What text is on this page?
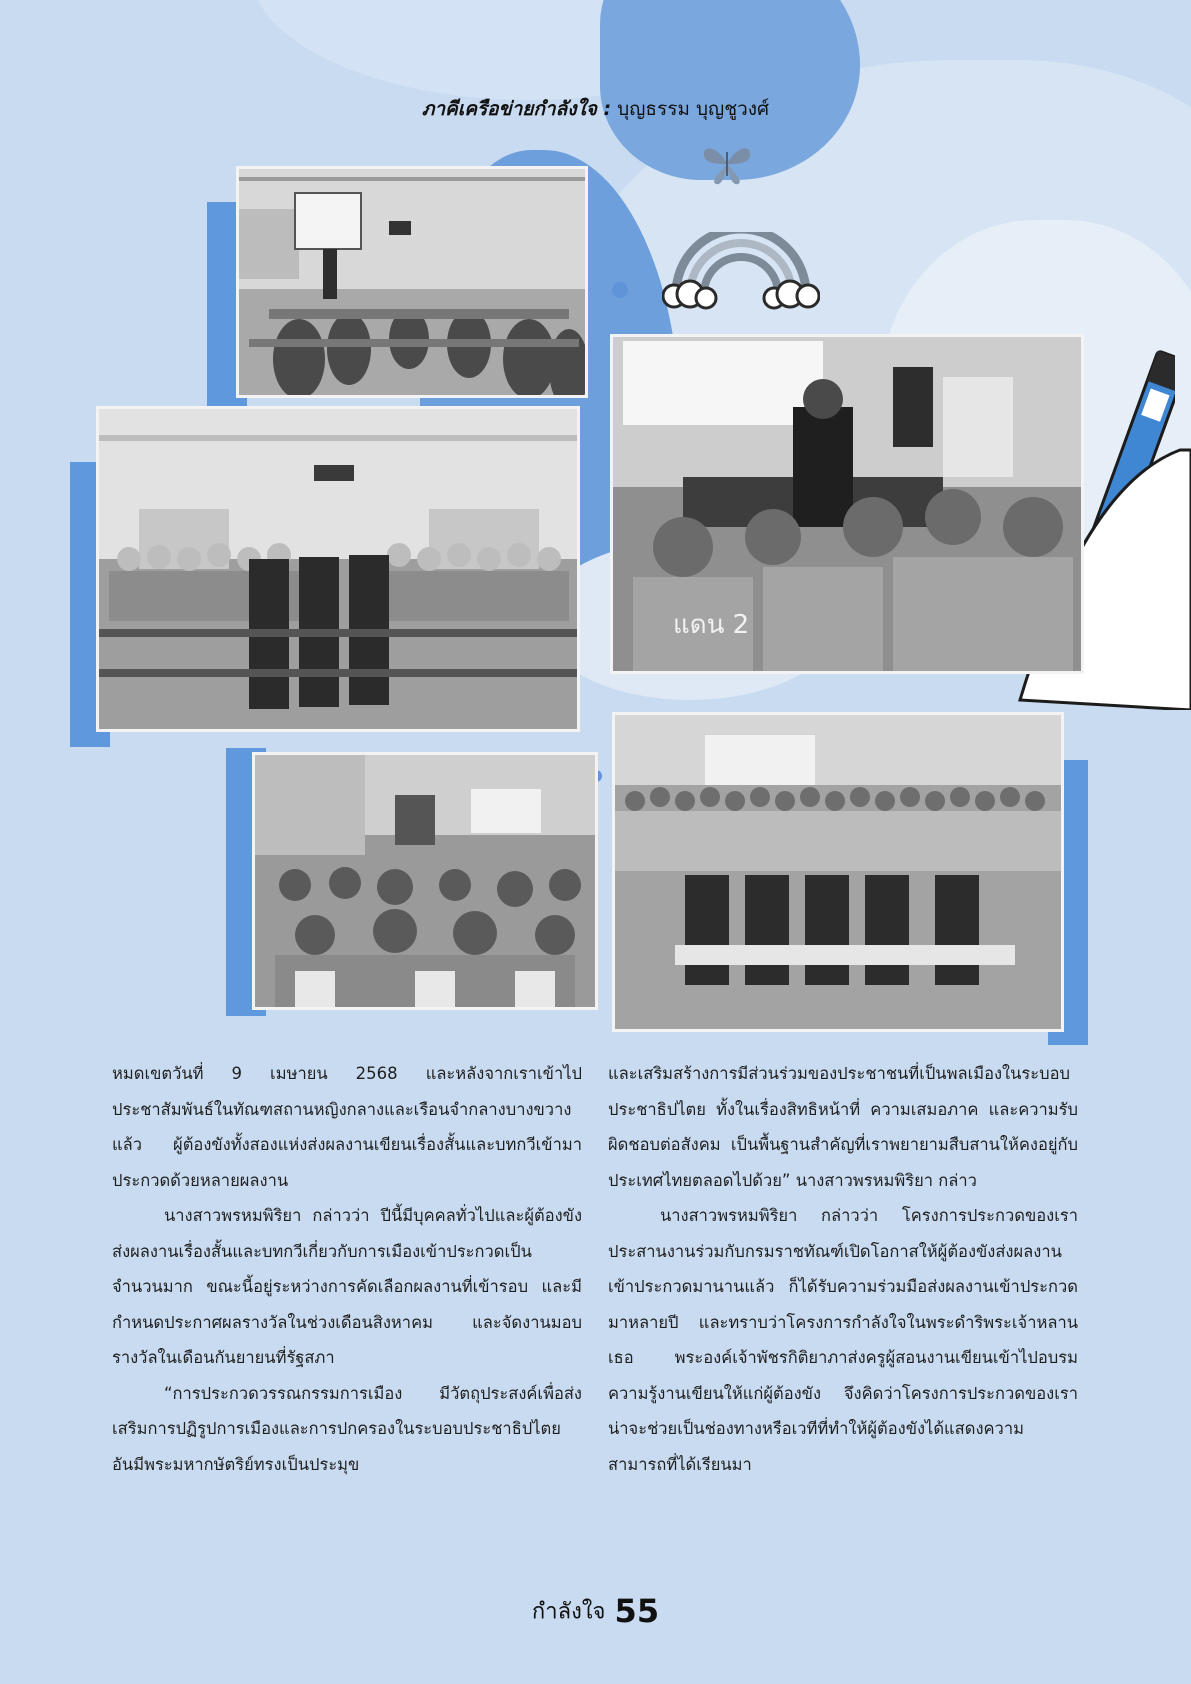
ภาคีเครือข่ายกำลังใจ : บุญธรรม บุญชูวงศ์
แดน 2

หมดเขตวันที่ 9 เมษายน 2568 และหลังจากเราเข้าไปประชาสัมพันธ์ในทัณฑสถานหญิงกลางและเรือนจำกลางบางขวางแล้ว ผู้ต้องขังทั้งสองแห่งส่งผลงานเขียนเรื่องสั้นและบทกวีเข้ามาประกวดด้วยหลายผลงาน

นางสาวพรหมพิริยา กล่าวว่า ปีนี้มีบุคคลทั่วไปและผู้ต้องขังส่งผลงานเรื่องสั้นและบทกวีเกี่ยวกับการเมืองเข้าประกวดเป็นจำนวนมาก ขณะนี้อยู่ระหว่างการคัดเลือกผลงานที่เข้ารอบ และมีกำหนดประกาศผลรางวัลในช่วงเดือนสิงหาคม และจัดงานมอบรางวัลในเดือนกันยายนที่รัฐสภา

“การประกวดวรรณกรรมการเมือง มีวัตถุประสงค์เพื่อส่งเสริมการปฏิรูปการเมืองและการปกครองในระบอบประชาธิปไตยอันมีพระมหากษัตริย์ทรงเป็นประมุข

และเสริมสร้างการมีส่วนร่วมของประชาชนที่เป็นพลเมืองในระบอบประชาธิปไตย ทั้งในเรื่องสิทธิหน้าที่ ความเสมอภาค และความรับผิดชอบต่อสังคม เป็นพื้นฐานสำคัญที่เราพยายามสืบสานให้คงอยู่กับประเทศไทยตลอดไปด้วย” นางสาวพรหมพิริยา กล่าว

นางสาวพรหมพิริยา กล่าวว่า โครงการประกวดของเราประสานงานร่วมกับกรมราชทัณฑ์เปิดโอกาสให้ผู้ต้องขังส่งผลงานเข้าประกวดมานานแล้ว ก็ได้รับความร่วมมือส่งผลงานเข้าประกวดมาหลายปี และทราบว่าโครงการกำลังใจในพระดำริพระเจ้าหลานเธอ พระองค์เจ้าพัชรกิติยาภาส่งครูผู้สอนงานเขียนเข้าไปอบรมความรู้งานเขียนให้แก่ผู้ต้องขัง จึงคิดว่าโครงการประกวดของเราน่าจะช่วยเป็นช่องทางหรือเวทีที่ทำให้ผู้ต้องขังได้แสดงความสามารถที่ได้เรียนมา

กำลังใจ 55
